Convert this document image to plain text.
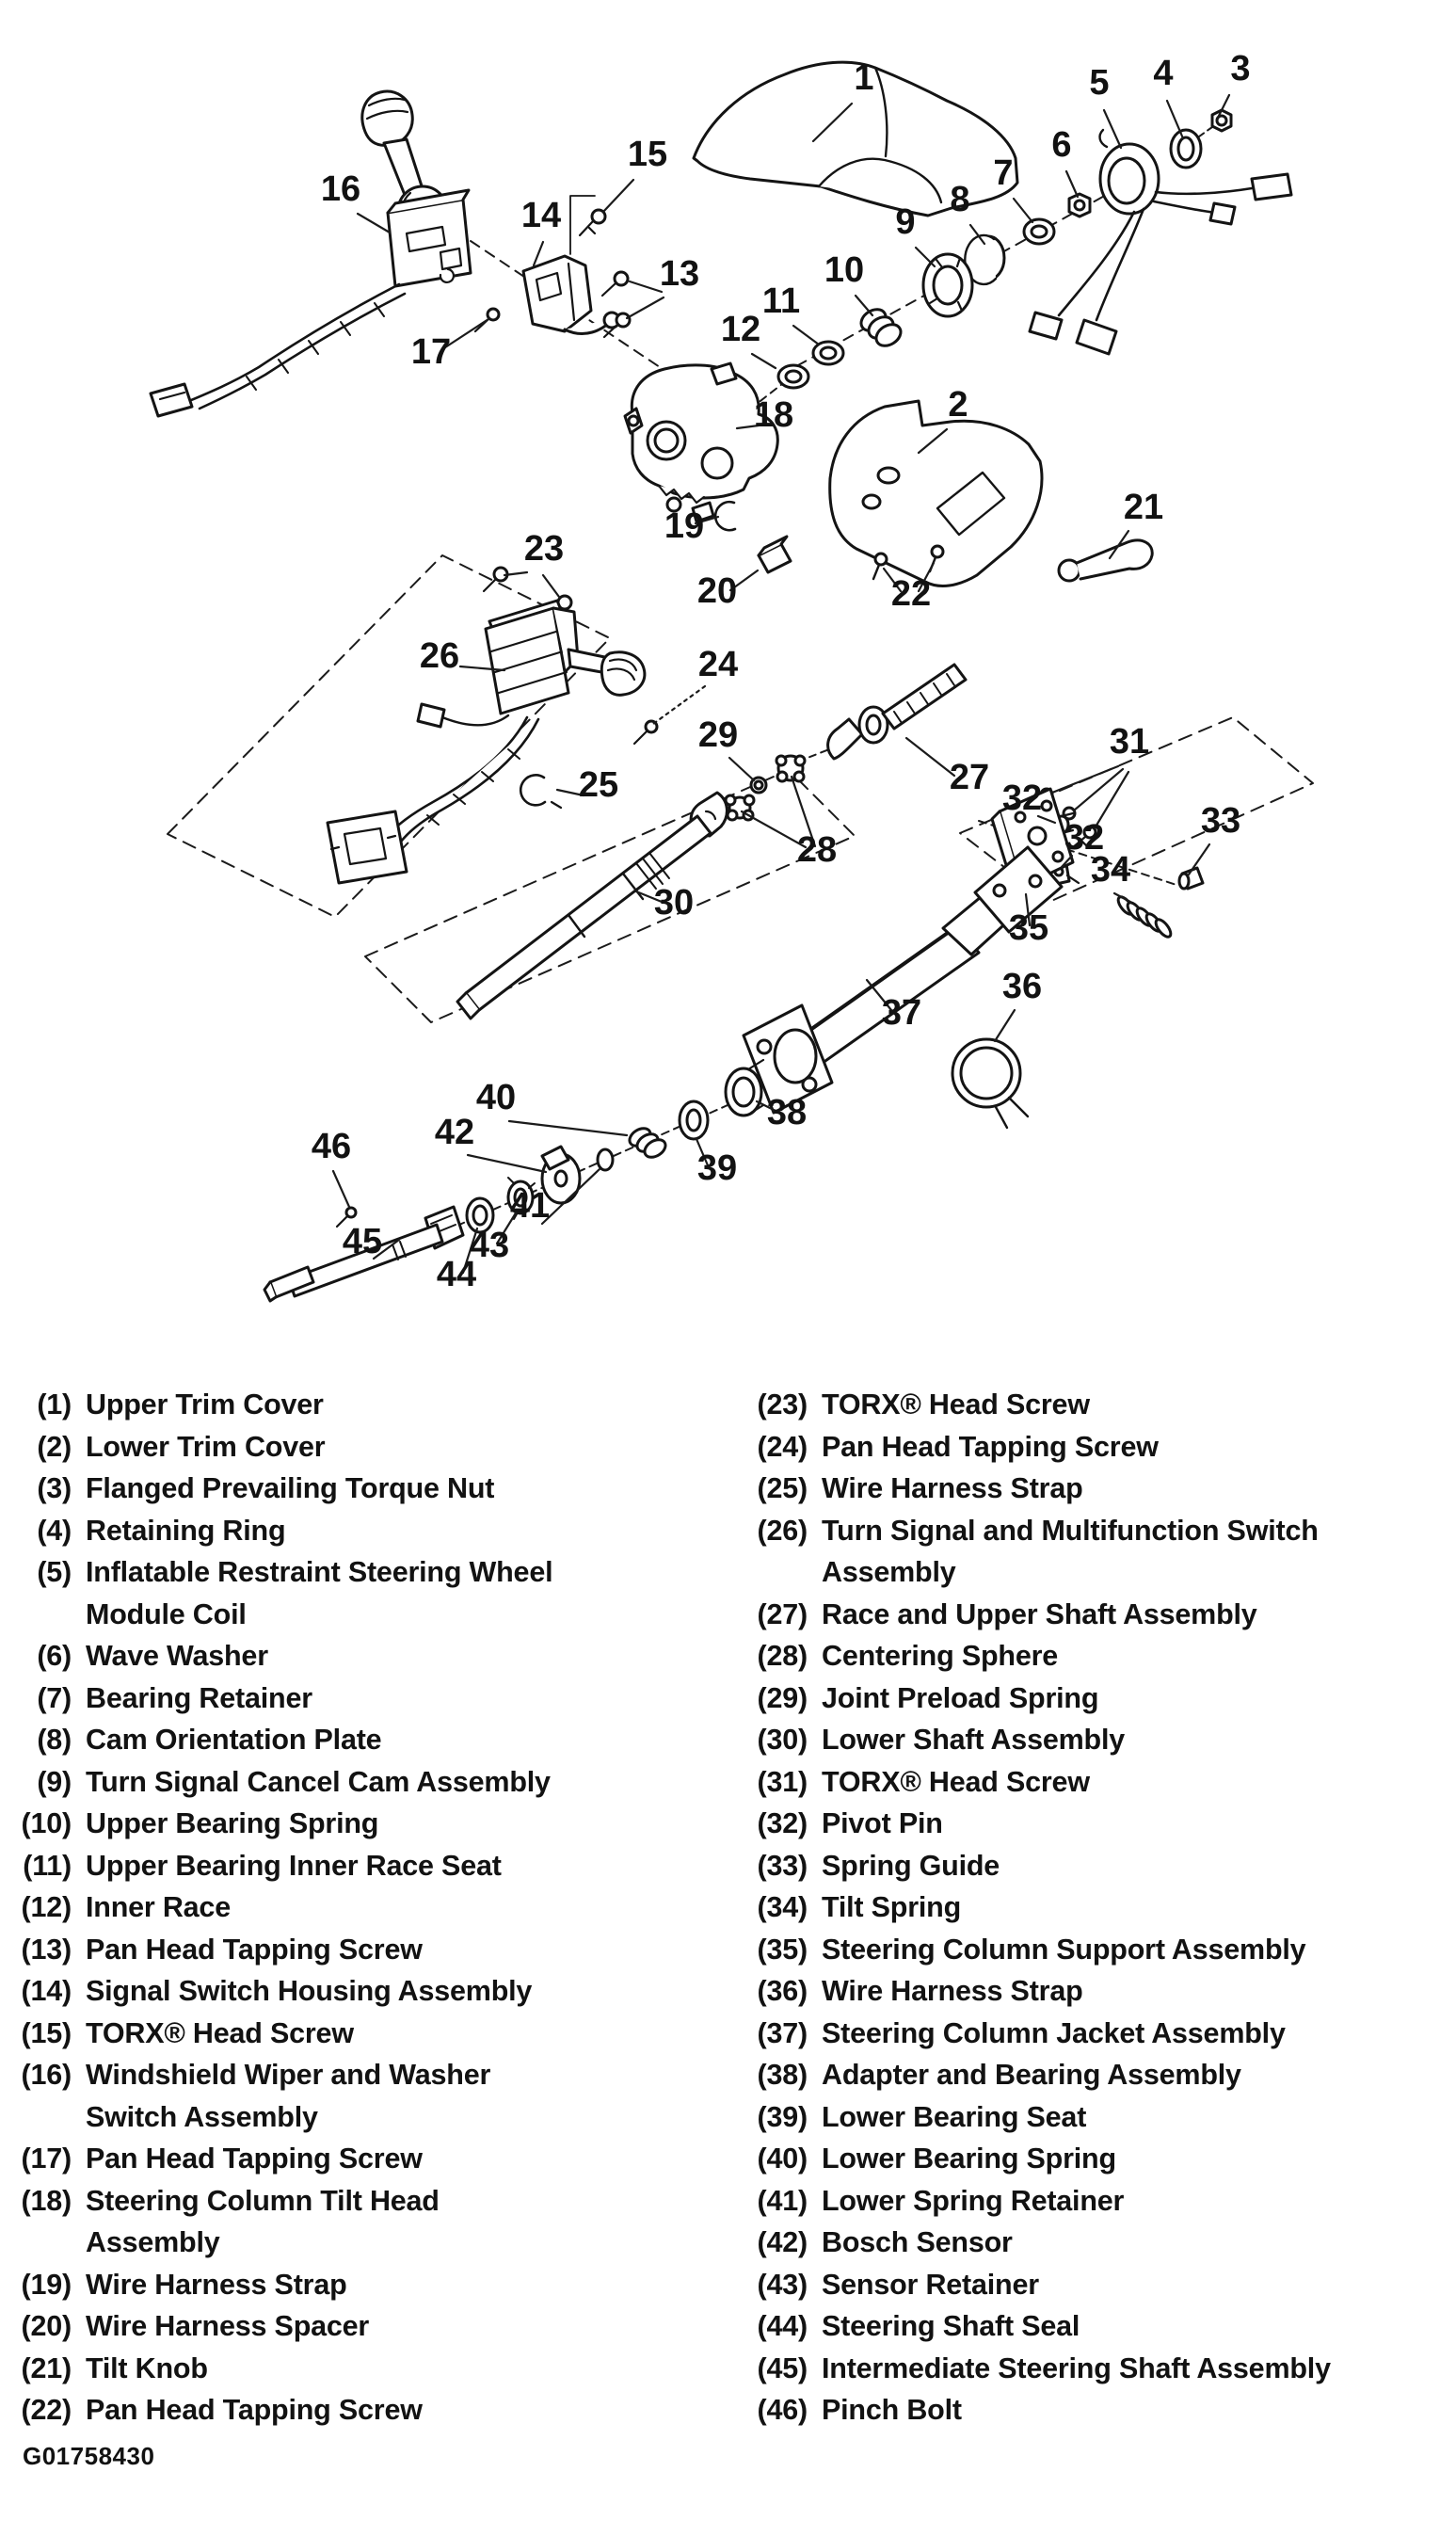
1
2
3
4
5
6
7
8
9
10
11
12
13
14
15
16
17
18
19
20
21
22
23
24
25
26
27
28
29
30
31
32
32	33
34
35
36
37
38
39
40
41
42
43
44
45
46
(1) Upper Trim Cover
(2) Lower Trim Cover
(3) Flanged Prevailing Torque Nut
(4) Retaining Ring
(5) Inflatable Restraint Steering Wheel Module Coil
(6) Wave Washer
(7) Bearing Retainer
(8) Cam Orientation Plate
(9) Turn Signal Cancel Cam Assembly
(10) Upper Bearing Spring
(11) Upper Bearing Inner Race Seat
(12) Inner Race
(13) Pan Head Tapping Screw
(14) Signal Switch Housing Assembly
(15) TORX® Head Screw
(16) Windshield Wiper and Washer Switch Assembly
(17) Pan Head Tapping Screw
(18) Steering Column Tilt Head Assembly
(19) Wire Harness Strap
(20) Wire Harness Spacer
(21) Tilt Knob
(22) Pan Head Tapping Screw
(23) TORX® Head Screw
(24) Pan Head Tapping Screw
(25) Wire Harness Strap
(26) Turn Signal and Multifunction Switch Assembly
(27) Race and Upper Shaft Assembly
(28) Centering Sphere
(29) Joint Preload Spring
(30) Lower Shaft Assembly
(31) TORX® Head Screw
(32) Pivot Pin
(33) Spring Guide
(34) Tilt Spring
(35) Steering Column Support Assembly
(36) Wire Harness Strap
(37) Steering Column Jacket Assembly
(38) Adapter and Bearing Assembly
(39) Lower Bearing Seat
(40) Lower Bearing Spring
(41) Lower Spring Retainer
(42) Bosch Sensor
(43) Sensor Retainer
(44) Steering Shaft Seal
(45) Intermediate Steering Shaft Assembly
(46) Pinch Bolt
G01758430
